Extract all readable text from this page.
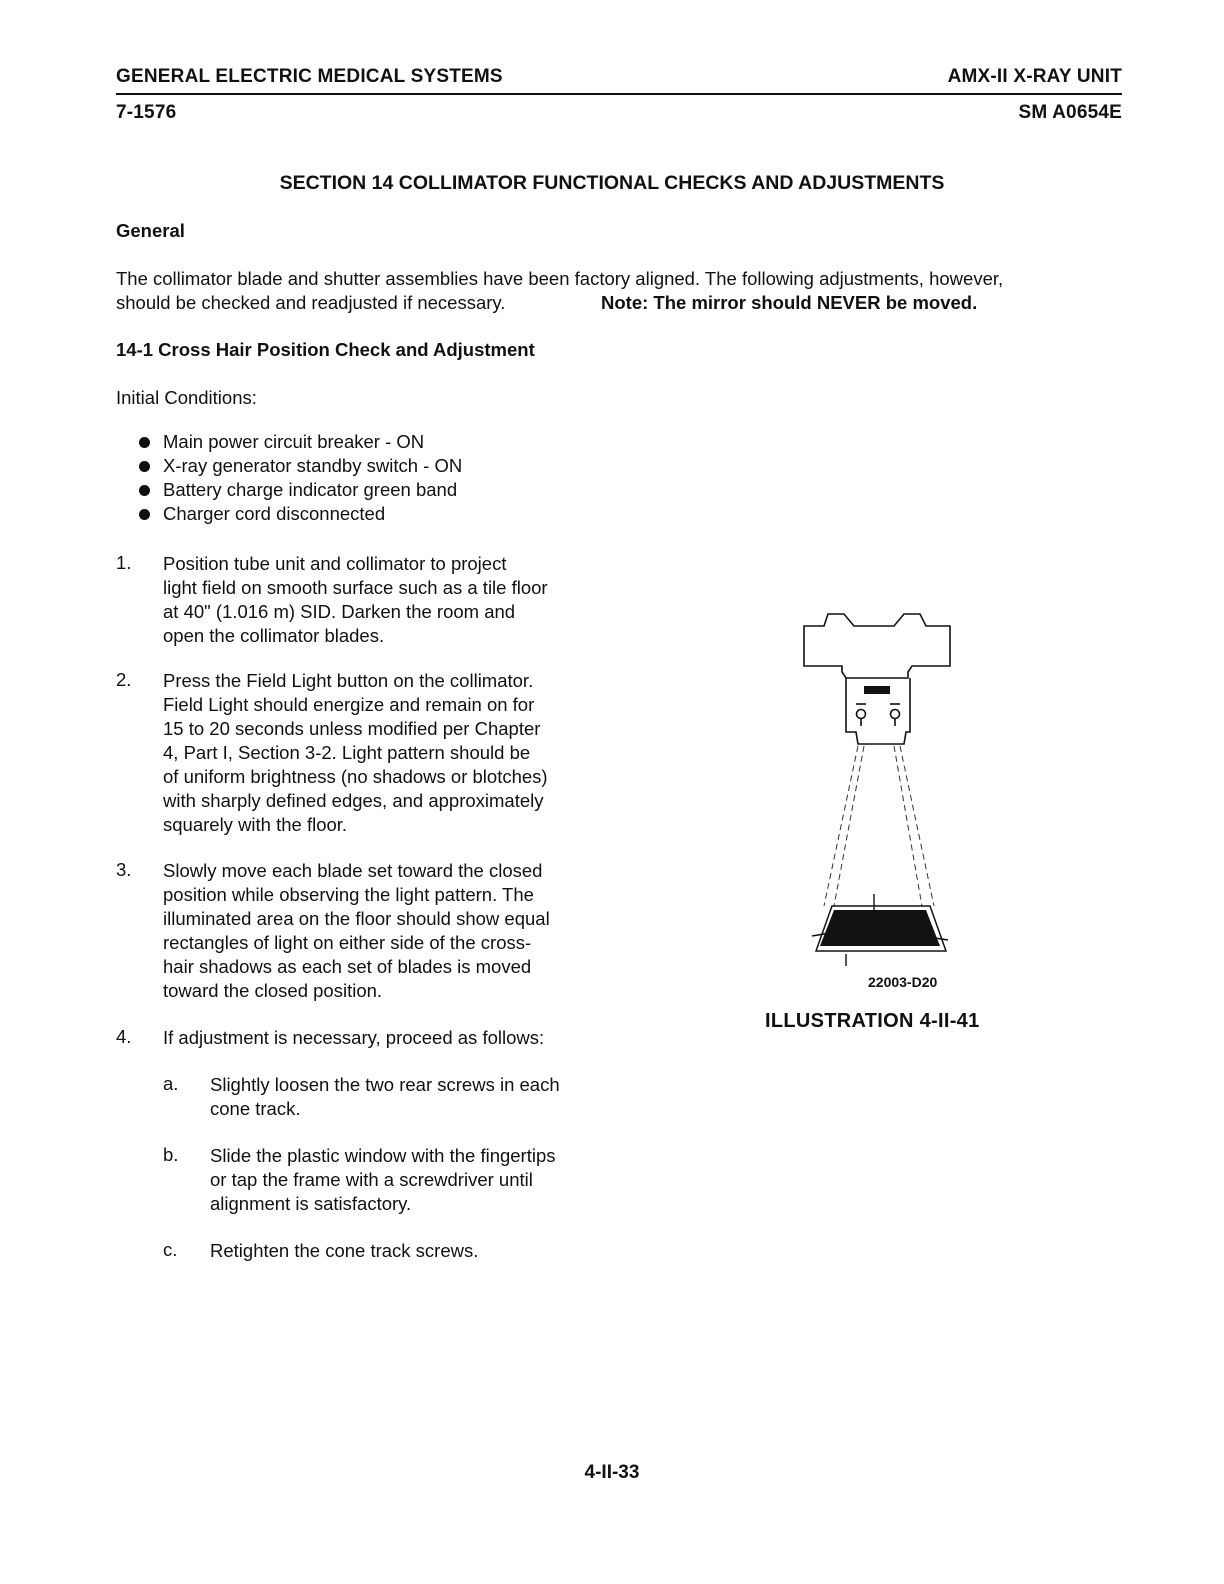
GENERAL ELECTRIC MEDICAL SYSTEMS	AMX-II X-RAY UNIT
7-1576	SM A0654E
SECTION 14 COLLIMATOR FUNCTIONAL CHECKS AND ADJUSTMENTS
General
The collimator blade and shutter assemblies have been factory aligned. The following adjustments, however,
should be checked and readjusted if necessary.	Note: The mirror should NEVER be moved.
14-1 Cross Hair Position Check and Adjustment
Initial Conditions:
Main power circuit breaker - ON
X-ray generator standby switch - ON
Battery charge indicator green band
Charger cord disconnected
1. Position tube unit and collimator to project
light field on smooth surface such as a tile floor
at 40" (1.016 m) SID. Darken the room and
open the collimator blades.
2. Press the Field Light button on the collimator.
Field Light should energize and remain on for
15 to 20 seconds unless modified per Chapter
4, Part I, Section 3-2. Light pattern should be
of uniform brightness (no shadows or blotches)
with sharply defined edges, and approximately
squarely with the floor.
3. Slowly move each blade set toward the closed
position while observing the light pattern. The
illuminated area on the floor should show equal
rectangles of light on either side of the cross-
hair shadows as each set of blades is moved
toward the closed position.
4. If adjustment is necessary, proceed as follows:
a. Slightly loosen the two rear screws in each
cone track.
b. Slide the plastic window with the fingertips
or tap the frame with a screwdriver until
alignment is satisfactory.
c. Retighten the cone track screws.
22003-D20
ILLUSTRATION 4-II-41
4-II-33
